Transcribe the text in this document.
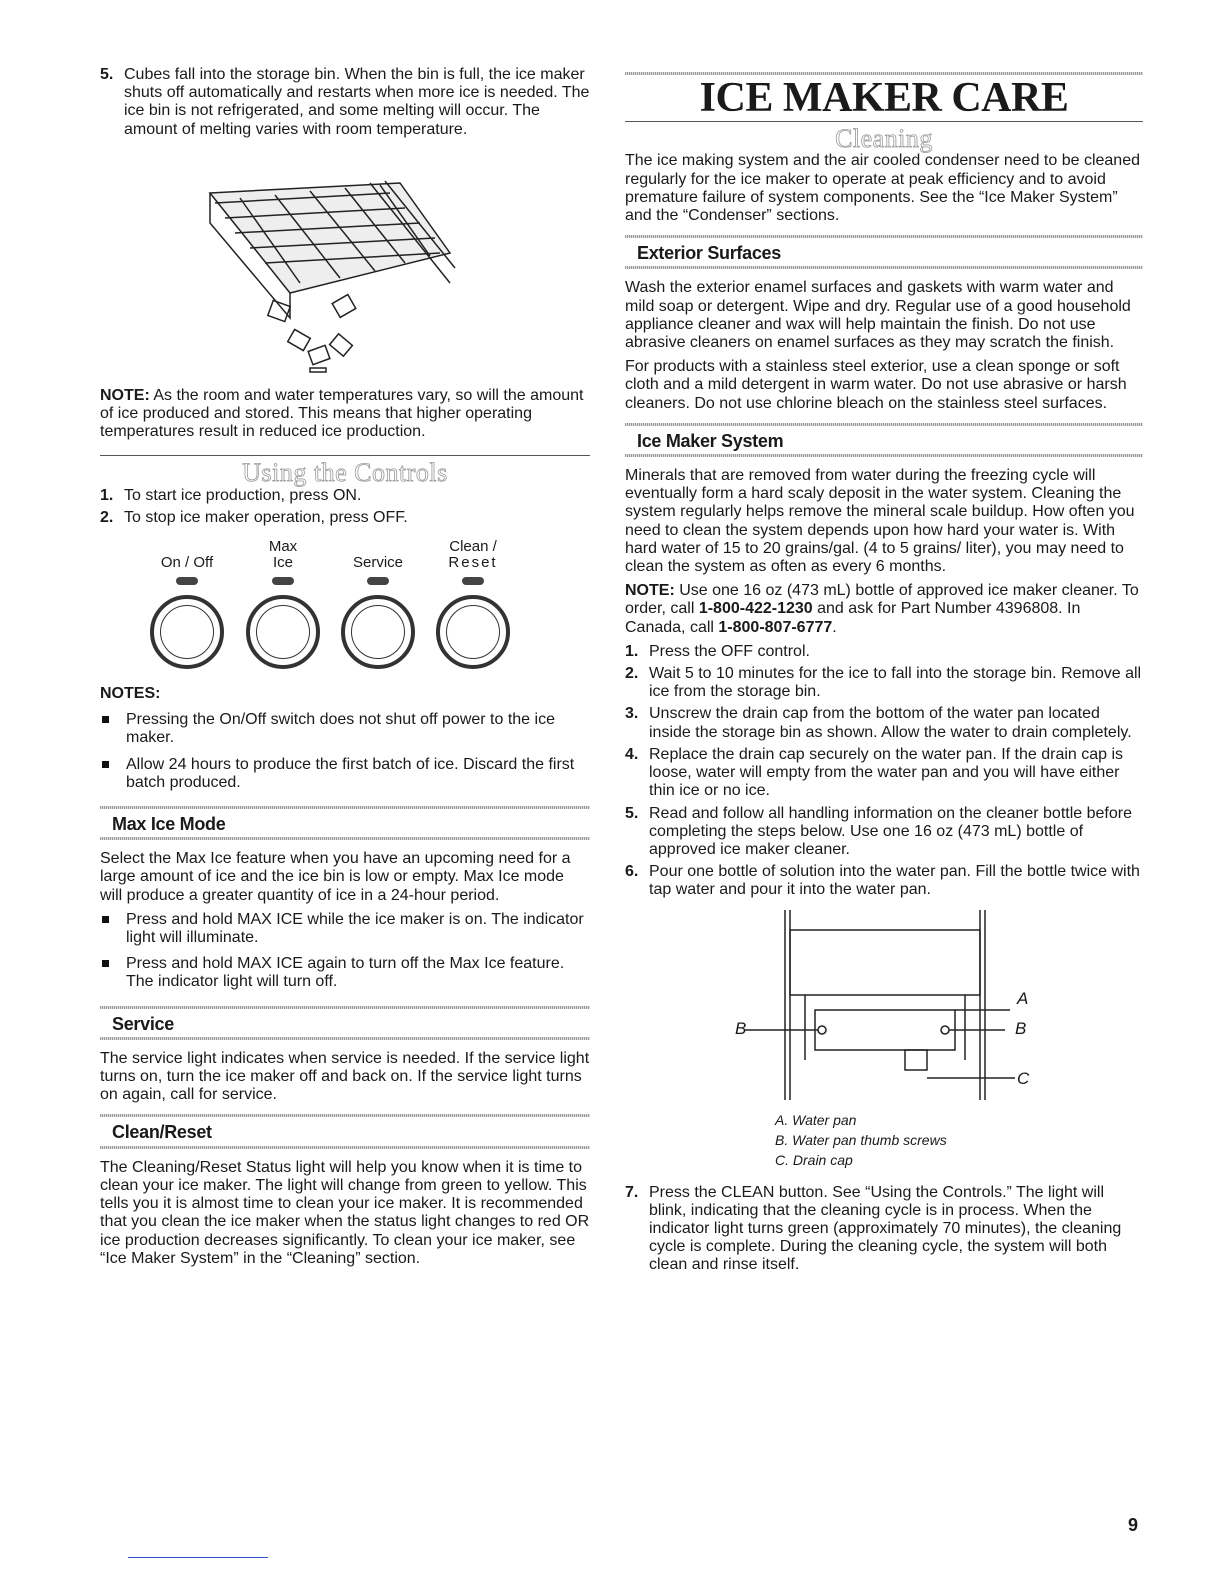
5. Cubes fall into the storage bin. When the bin is full, the ice maker shuts off automatically and restarts when more ice is needed. The ice bin is not refrigerated, and some melting will occur. The amount of melting varies with room temperature.

NOTE: As the room and water temperatures vary, so will the amount of ice produced and stored. This means that higher operating temperatures result in reduced ice production.

Using the Controls
1. To start ice production, press ON.
2. To stop ice maker operation, press OFF.
On / Off
Max
Ice	Service
Clean /
Reset

NOTES:

Pressing the On/Off switch does not shut off power to the ice maker.
Allow 24 hours to produce the first batch of ice. Discard the first batch produced.
Max Ice Mode

Select the Max Ice feature when you have an upcoming need for a large amount of ice and the ice bin is low or empty. Max Ice mode will produce a greater quantity of ice in a 24-hour period.

Press and hold MAX ICE while the ice maker is on. The indicator light will illuminate.
Press and hold MAX ICE again to turn off the Max Ice feature. The indicator light will turn off.
Service

The service light indicates when service is needed. If the service light turns on, turn the ice maker off and back on. If the service light turns on again, call for service.

Clean/Reset

The Cleaning/Reset Status light will help you know when it is time to clean your ice maker. The light will change from green to yellow. This tells you it is almost time to clean your ice maker. It is recommended that you clean the ice maker when the status light changes to red OR ice production decreases significantly. To clean your ice maker, see “Ice Maker System” in the “Cleaning” section.

ICE MAKER CARE
Cleaning

The ice making system and the air cooled condenser need to be cleaned regularly for the ice maker to operate at peak efficiency and to avoid premature failure of system components. See the “Ice Maker System” and the “Condenser” sections.

Exterior Surfaces

Wash the exterior enamel surfaces and gaskets with warm water and mild soap or detergent. Wipe and dry. Regular use of a good household appliance cleaner and wax will help maintain the finish. Do not use abrasive cleaners on enamel surfaces as they may scratch the finish.

For products with a stainless steel exterior, use a clean sponge or soft cloth and a mild detergent in warm water. Do not use abrasive or harsh cleaners. Do not use chlorine bleach on the stainless steel surfaces.

Ice Maker System

Minerals that are removed from water during the freezing cycle will eventually form a hard scaly deposit in the water system. Cleaning the system regularly helps remove the mineral scale buildup. How often you need to clean the system depends upon how hard your water is. With hard water of 15 to 20 grains/gal. (4 to 5 grains/ liter), you may need to clean the system as often as every 6 months.

NOTE: Use one 16 oz (473 mL) bottle of approved ice maker cleaner. To order, call 1-800-422-1230 and ask for Part Number 4396808. In Canada, call 1-800-807-6777.

1. Press the OFF control.
2. Wait 5 to 10 minutes for the ice to fall into the storage bin. Remove all ice from the storage bin.
3. Unscrew the drain cap from the bottom of the water pan located inside the storage bin as shown. Allow the water to drain completely.
4. Replace the drain cap securely on the water pan. If the drain cap is loose, water will empty from the water pan and you will have either thin ice or no ice.
5. Read and follow all handling information on the cleaner bottle before completing the steps below. Use one 16 oz (473 mL) bottle of approved ice maker cleaner.
6. Pour one bottle of solution into the water pan. Fill the bottle twice with tap water and pour it into the water pan.
A
B	B
C
A. Water pan
B. Water pan thumb screws
C. Drain cap
7. Press the CLEAN button. See “Using the Controls.” The light will blink, indicating that the cleaning cycle is in process. When the indicator light turns green (approximately 70 minutes), the cleaning cycle is complete. During the cleaning cycle, the system will both clean and rinse itself.
9
